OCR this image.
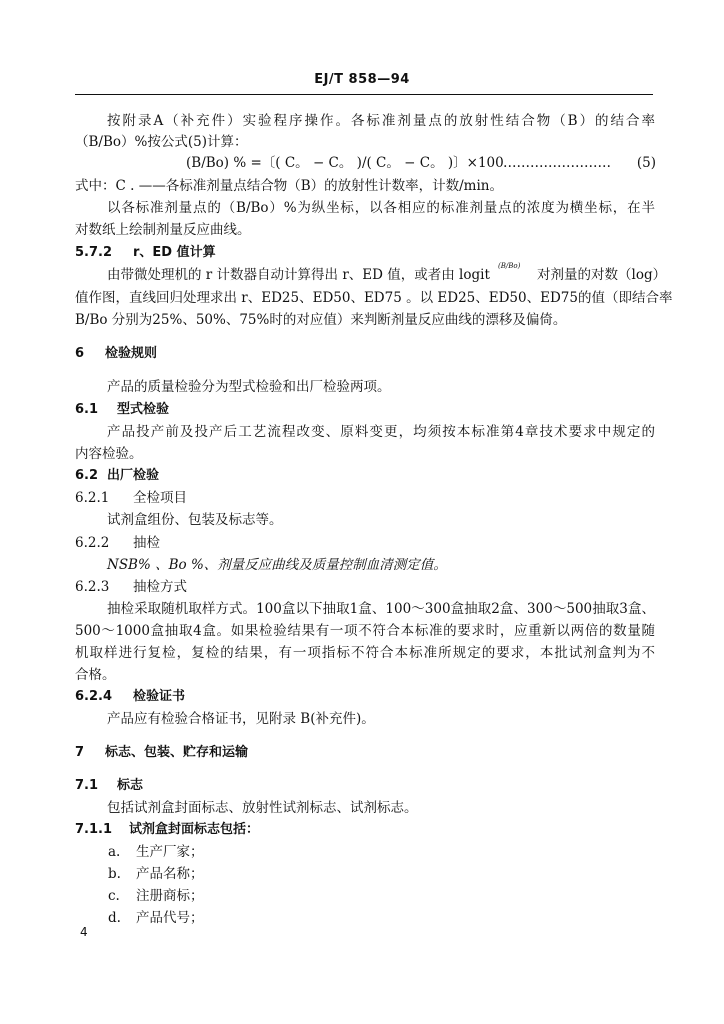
EJ/T 858—94
按附录A（补充件）实验程序操作。各标准剂量点的放射性结合物（B）的结合率
（B/Bo）%按公式(5)计算：
(B/Bo) % =〔( C。 − C。 )/( C。 − C。 )〕×100 …………………… (5)
式中：C . ——各标准剂量点结合物（B）的放射性计数率，计数/min。
以各标准剂量点的（B/Bo）%为纵坐标，以各相应的标准剂量点的浓度为横坐标，在半
对数纸上绘制剂量反应曲线。
5.7.2 r、ED 值计算
(B/Bo)
由带微处理机的 r 计数器自动计算得出 r、ED 值，或者由 logit	对剂量的对数（log）
值作图，直线回归处理求出 r、ED25、ED50、ED75 。以 ED25、ED50、ED75的值（即结合率
B/Bo 分别为25%、50%、75%时的对应值）来判断剂量反应曲线的漂移及偏倚。
6 检验规则
产品的质量检验分为型式检验和出厂检验两项。
6.1 型式检验
产品投产前及投产后工艺流程改变、原料变更，均须按本标准第4章技术要求中规定的
内容检验。
6.2 出厂检验
6.2.1 全检项目
试剂盒组份、包装及标志等。
6.2.2 抽检
NSB% 、Bo %、剂量反应曲线及质量控制血清测定值。
6.2.3 抽检方式
抽检采取随机取样方式。100盒以下抽取1盒、100～300盒抽取2盒、300～500抽取3盒、
500～1000盒抽取4盒。如果检验结果有一项不符合本标准的要求时，应重新以两倍的数量随
机取样进行复检，复检的结果，有一项指标不符合本标准所规定的要求，本批试剂盒判为不
合格。
6.2.4 检验证书
产品应有检验合格证书，见附录 B(补充件)。
7 标志、包装、贮存和运输
7.1 标志
包括试剂盒封面标志、放射性试剂标志、试剂标志。
7.1.1 试剂盒封面标志包括：
a. 生产厂家；
b. 产品名称；
c. 注册商标；
d. 产品代号；
4
